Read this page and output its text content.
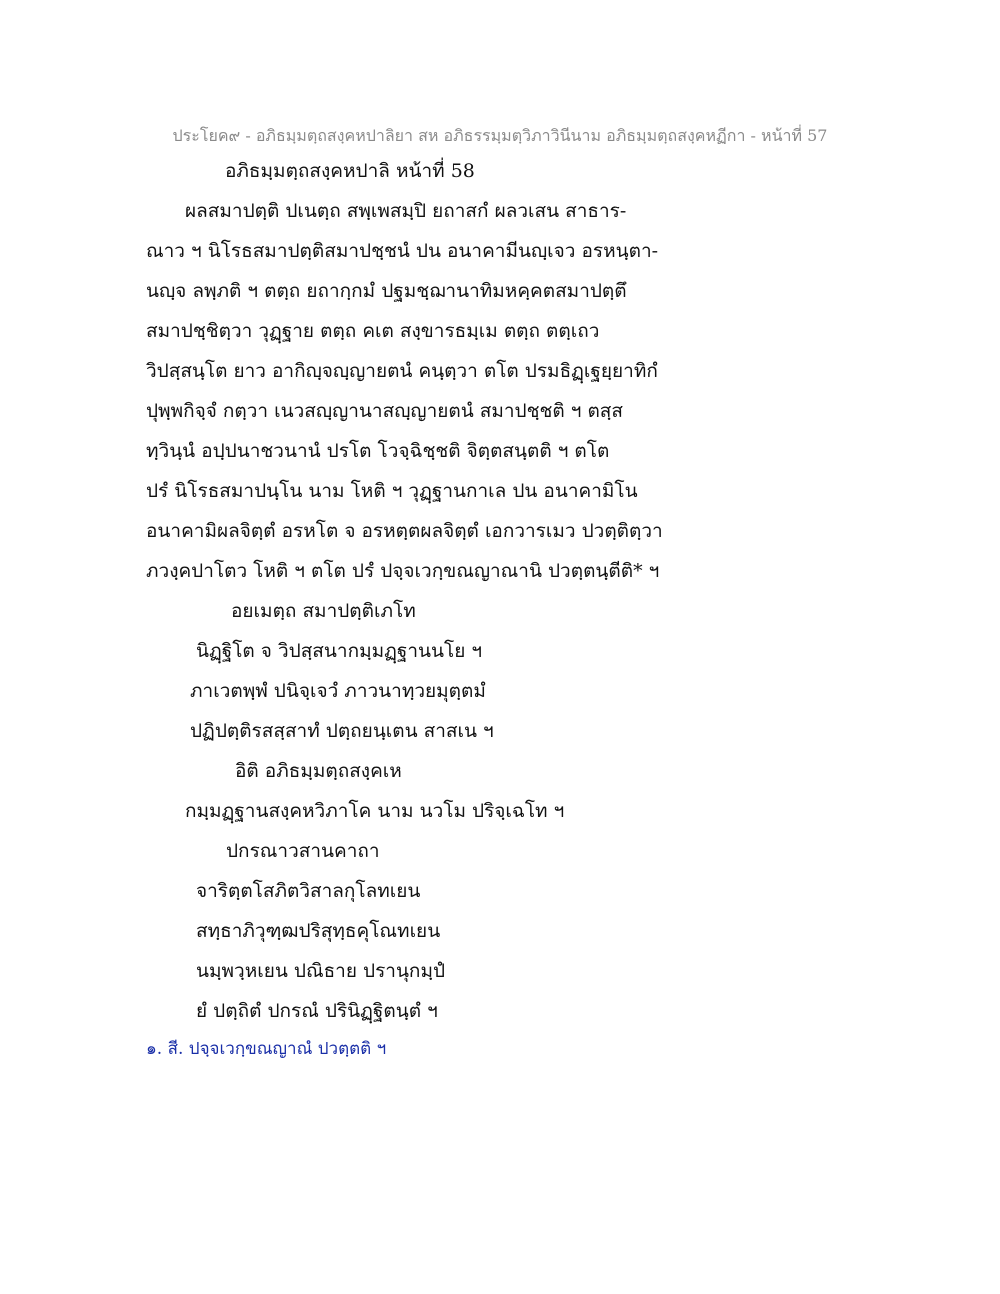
ประโยค๙ - อภิธมฺมตฺถสงฺคหปาลิยา สห อภิธรรมฺมตฺวิภาวินีนาม อภิธมฺมตฺถสงฺคหฏีกา - หน้าที่ 57
อภิธมฺมตฺถสงฺคหปาลิ หน้าที่ 58
ผลสมาปตฺติ ปเนตฺถ สพฺเพสมฺปิ ยถาสกํ ผลวเสน สาธาร-
ณาว ฯ นิโรธสมาปตฺติสมาปชฺชนํ ปน อนาคามีนญฺเจว อรหนฺตา-
นญฺจ ลพฺภติ ฯ ตตฺถ ยถากฺกมํ ปฐมชฺฌานาทิมหคฺคตสมาปตฺตึ
สมาปชฺชิตฺวา วุฏฺฐาย ตตฺถ คเต สงฺขารธมฺเม ตตฺถ ตตฺเถว
วิปสฺสนฺโต ยาว อากิญฺจญฺญายตนํ คนฺตฺวา ตโต ปรมธิฏฺเฐยฺยาทิกํ
ปุพฺพกิจฺจํ กตฺวา เนวสญฺญานาสญฺญายตนํ สมาปชฺชติ ฯ ตสฺส
ทฺวินฺนํ อปฺปนาชวนานํ ปรโต โวจฺฉิชฺชติ จิตฺตสนฺตติ ฯ ตโต
ปรํ นิโรธสมาปนฺโน นาม โหติ ฯ วุฏฺฐานกาเล ปน อนาคามิโน
อนาคามิผลจิตฺตํ อรหโต จ อรหตฺตผลจิตฺตํ เอกวารเมว ปวตฺติตฺวา
ภวงฺคปาโตว โหติ ฯ ตโต ปรํ ปจฺจเวกฺขณญาณานิ ปวตฺตนฺตีติ* ฯ
อยเมตฺถ สมาปตฺติเภโท
นิฏฺฐิโต จ วิปสฺสนากมฺมฏฺฐานนโย ฯ
ภาเวตพฺพํ ปนิจฺเจวํ ภาวนาทฺวยมุตฺตมํ
ปฏิปตฺติรสสฺสาทํ ปตฺถยนฺเตน สาสเน ฯ
อิติ อภิธมฺมตฺถสงฺคเห
กมฺมฏฺฐานสงฺคหวิภาโค นาม นวโม ปริจฺเฉโท ฯ
ปกรณาวสานคาถา
จาริตฺตโสภิตวิสาลกุโลทเยน
สทฺธาภิวุฑฺฒปริสุทฺธคุโณทเยน
นมฺพวฺหเยน ปณิธาย ปรานุกมฺปํ
ยํ ปตฺถิตํ ปกรณํ ปรินิฏฺฐิตนฺตํ ฯ
๑. สี. ปจฺจเวกฺขณญาณํ ปวตฺตติ ฯ
